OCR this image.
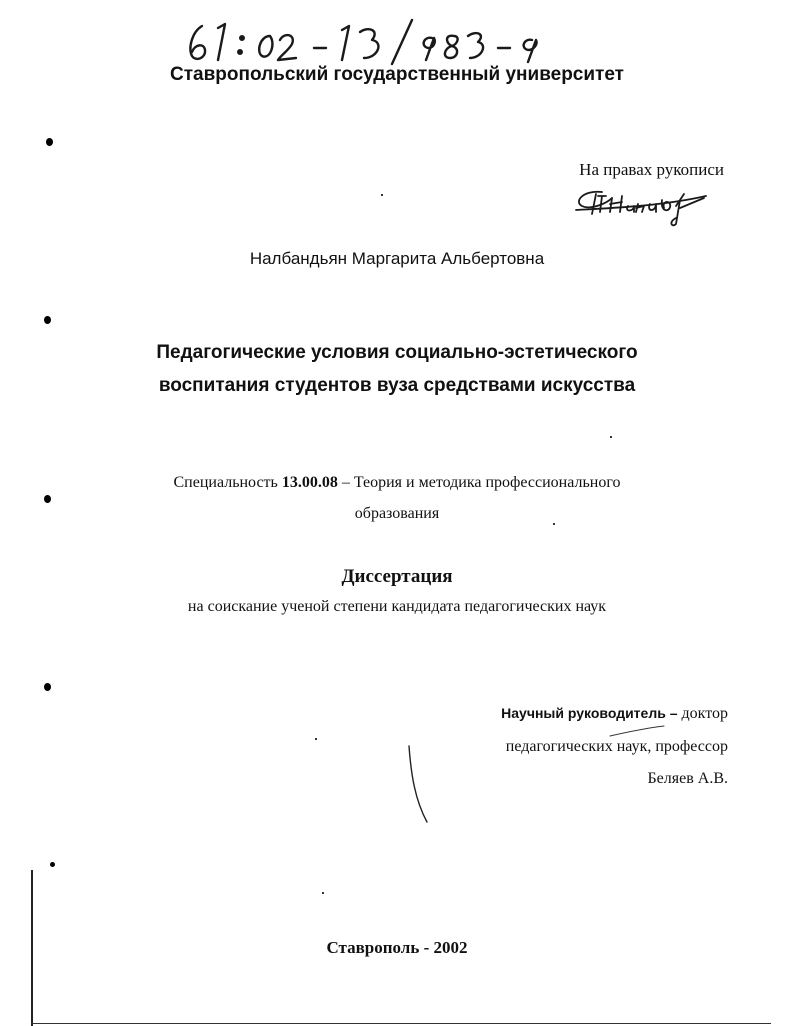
Ставропольский государственный университет
На правах рукописи
Налбандьян Маргарита Альбертовна
Педагогические условия социально-эстетического
воспитания студентов вуза средствами искусства
Специальность 13.00.08 – Теория и методика профессионального
образования
Диссертация
на соискание ученой степени кандидата педагогических наук
Научный руководитель – доктор
педагогических наук, профессор
Беляев А.В.
Ставрополь - 2002
